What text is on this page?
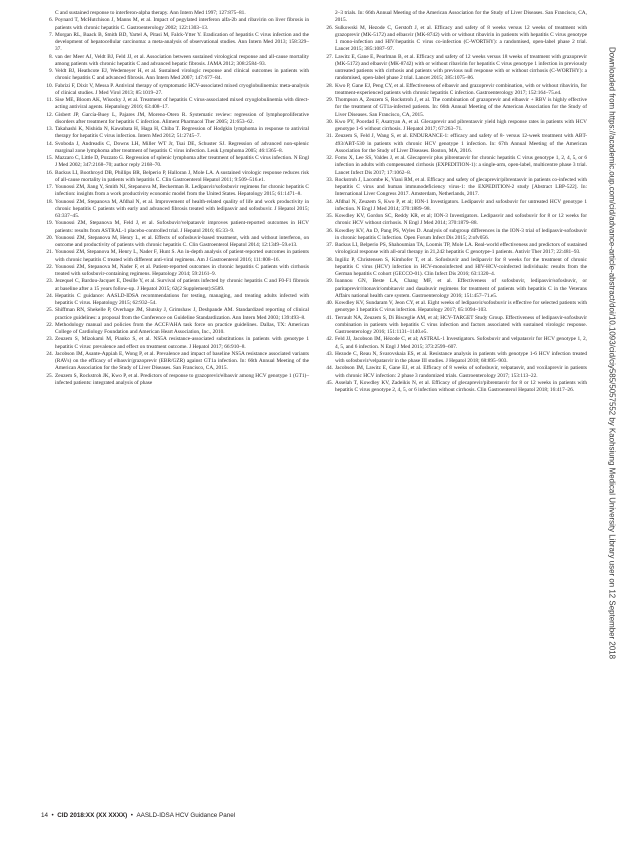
C and sustained response to interferon-alpha therapy. Ann Intern Med 1997; 127:875–81.
6. Poynard T, McHutchison J, Manns M, et al. Impact of pegylated interferon alfa-2b and ribavirin on liver fibrosis in patients with chronic hepatitis C. Gastroenterology 2002; 122:1303–13.
7. Morgan RL, Baack B, Smith BD, Yartel A, Pitasi M, Falck-Ytter Y. Eradication of hepatitis C virus infection and the development of hepatocellular carcinoma: a meta-analysis of observational studies. Ann Intern Med 2013; 158:329–37.
8. van der Meer AJ, Veldt BJ, Feld JJ, et al. Association between sustained virological response and all-cause mortality among patients with chronic hepatitis C and advanced hepatic fibrosis. JAMA 2012; 308:2584–93.
9. Veldt BJ, Heathcote EJ, Wedemeyer H, et al. Sustained virologic response and clinical outcomes in patients with chronic hepatitis C and advanced fibrosis. Ann Intern Med 2007; 147:677–84.
10. Fabrizi F, Dixit V, Messa P. Antiviral therapy of symptomatic HCV-associated mixed cryoglobulinemia: meta-analysis of clinical studies. J Med Virol 2013; 85:1019–27.
11. Sise ME, Bloom AK, Wisocky J, et al. Treatment of hepatitis C virus-associated mixed cryoglobulinemia with direct-acting antiviral agents. Hepatology 2016; 63:408–17.
12. Gisbert JP, García-Buey L, Pajares JM, Moreno-Otero R. Systematic review: regression of lymphoproliferative disorders after treatment for hepatitis C infection. Aliment Pharmacol Ther 2005; 21:653–62.
13. Takahashi K, Nishida N, Kawabata H, Haga H, Chiba T. Regression of Hodgkin lymphoma in response to antiviral therapy for hepatitis C virus infection. Intern Med 2012; 51:2745–7.
14. Svoboda J, Andreadis C, Downs LH, Miller WT Jr, Tsai DE, Schuster SJ. Regression of advanced non-splenic marginal zone lymphoma after treatment of hepatitis C virus infection. Leuk Lymphoma 2005; 46:1365–8.
15. Mazzaro C, Little D, Pozzato G. Regression of splenic lymphoma after treatment of hepatitis C virus infection. N Engl J Med 2002; 347:2168–70; author reply 2168–70.
16. Backus LI, Boothroyd DB, Phillips BR, Belperio P, Halloran J, Mole LA. A sustained virologic response reduces risk of all-cause mortality in patients with hepatitis C. Clin Gastroenterol Hepatol 2011; 9:509–516.e1.
17. Younossi ZM, Jiang Y, Smith NJ, Stepanova M, Beckerman R. Ledipasvir/sofosbuvir regimens for chronic hepatitis C infection: insights from a work productivity economic model from the United States. Hepatology 2015; 61:1471–8.
18. Younossi ZM, Stepanova M, Afdhal N, et al. Improvement of health-related quality of life and work productivity in chronic hepatitis C patients with early and advanced fibrosis treated with ledipasvir and sofosbuvir. J Hepatol 2015; 63:337–45.
19. Younossi ZM, Stepanova M, Feld J, et al. Sofosbuvir/velpatasvir improves patient-reported outcomes in HCV patients: results from ASTRAL-1 placebo-controlled trial. J Hepatol 2016; 65:33–9.
20. Younossi ZM, Stepanova M, Henry L, et al. Effects of sofosbuvir-based treatment, with and without interferon, on outcome and productivity of patients with chronic hepatitis C. Clin Gastroenterol Hepatol 2014; 12:1349–59.e13.
21. Younossi ZM, Stepanova M, Henry L, Nader F, Hunt S. An in-depth analysis of patient-reported outcomes in patients with chronic hepatitis C treated with different anti-viral regimens. Am J Gastroenterol 2016; 111:808–16.
22. Younossi ZM, Stepanova M, Nader F, et al. Patient-reported outcomes in chronic hepatitis C patients with cirrhosis treated with sofosbuvir-containing regimens. Hepatology 2014; 59:2161–9.
23. Jezequel C, Bardou-Jacquet E, Desille Y, et al. Survival of patients infected by chronic hepatitis C and F0-F1 fibrosis at baseline after a 15 years follow-up. J Hepatol 2015; 62(2 Supplement):S589.
24. Hepatitis C guidance: AASLD-IDSA recommendations for testing, managing, and treating adults infected with hepatitis C virus. Hepatology 2015; 62:932–54.
25. Shiffman RN, Shekelle P, Overhage JM, Slutsky J, Grimshaw J, Deshpande AM. Standardized reporting of clinical practice guidelines: a proposal from the Conference on Guideline Standardization. Ann Intern Med 2003; 139:493–8.
22. Methodology manual and policies from the ACCF/AHA task force on practice guidelines. Dallas, TX: American College of Cardiology Foundation and American Heart Association, Inc., 2010.
23. Zeuzem S, Mizokami M, Pianko S, et al. NS5A resistance-associated substitutions in patients with genotype 1 hepatitis C virus: prevalence and effect on treatment outcome. J Hepatol 2017; 66:910–8.
24. Jacobson IM, Asante-Appiah E, Wong P, et al. Prevalence and impact of baseline NS5A resistance associated variants (RAVs) on the efficacy of elbasvir/grazoprevir (EBR/GZR) against GT1a infection. In: 66th Annual Meeting of the American Association for the Study of Liver Diseases. San Francisco, CA, 2015.
25. Zeuzem S, Rockstroh JK, Kwo P, et al. Predictors of response to grazoprevir/elbasvir among HCV genotype 1 (GT1)–infected patients: integrated analysis of phase
2–3 trials. In: 66th Annual Meeting of the American Association for the Study of Liver Diseases. San Francisco, CA, 2015.
26. Sulkowski M, Hezode C, Gerstoft J, et al. Efficacy and safety of 8 weeks versus 12 weeks of treatment with grazoprevir (MK-5172) and elbasvir (MK-8742) with or without ribavirin in patients with hepatitis C virus genotype 1 mono-infection and HIV/hepatitis C virus co-infection (C-WORTHY): a randomised, open-label phase 2 trial. Lancet 2015; 385:1087–97.
27. Lawitz E, Gane E, Pearlman B, et al. Efficacy and safety of 12 weeks versus 18 weeks of treatment with grazoprevir (MK-5172) and elbasvir (MK-8742) with or without ribavirin for hepatitis C virus genotype 1 infection in previously untreated patients with cirrhosis and patients with previous null response with or without cirrhosis (C-WORTHY): a randomised, open-label phase 2 trial. Lancet 2015; 385:1075–86.
28. Kwo P, Gane EJ, Peng CY, et al. Effectiveness of elbasvir and grazoprevir combination, with or without ribavirin, for treatment-experienced patients with chronic hepatitis C infection. Gastroenterology 2017; 152:164–75.e4.
29. Thompson A, Zeuzem S, Rockstroh J, et al. The combination of grazoprevir and elbasvir + RBV is highly effective for the treatment of GT1a-infected patients. In: 66th Annual Meeting of the American Association for the Study of Liver Diseases. San Francisco, CA, 2015.
30. Kwo PY, Poordad F, Asatryan A, et al. Glecaprevir and pibrentasvir yield high response rates in patients with HCV genotype 1-6 without cirrhosis. J Hepatol 2017; 67:263–71.
31. Zeuzem S, Feld J, Wang S, et al. ENDURANCE-1: efficacy and safety of 8- versus 12-week treatment with ABT-493/ABT-530 in patients with chronic HCV genotype 1 infection. In: 67th Annual Meeting of the American Association for the Study of Liver Diseases. Boston, MA, 2016.
32. Forns X, Lee SS, Valdes J, et al. Glecaprevir plus pibrentasvir for chronic hepatitis C virus genotype 1, 2, 4, 5, or 6 infection in adults with compensated cirrhosis (EXPEDITION-1): a single-arm, open-label, multicentre phase 3 trial. Lancet Infect Dis 2017; 17:1062–8.
33. Rockstroh J, Lacombe K, Viani RM, et al. Efficacy and safety of glecaprevir/pibrentasvir in patients co-infected with hepatitis C virus and human immunodeficiency virus-1: the EXPEDITION-2 study [Abstract LBP-522]. In: International Liver Congress 2017. Amsterdam, Netherlands, 2017.
34. Afdhal N, Zeuzem S, Kwo P, et al; ION-1 Investigators. Ledipasvir and sofosbuvir for untreated HCV genotype 1 infection. N Engl J Med 2014; 370:1889–98.
35. Kowdley KV, Gordon SC, Reddy KR, et al; ION-3 Investigators. Ledipasvir and sofosbuvir for 8 or 12 weeks for chronic HCV without cirrhosis. N Engl J Med 2014; 370:1879–88.
36. Kowdley KV, An D, Pang PS, Wyles D. Analysis of subgroup differences in the ION-3 trial of ledipasvir-sofosbuvir in chronic hepatitis C infection. Open Forum Infect Dis 2015; 2:ofv056.
37. Backus LI, Belperio PS, Shahoumian TA, Loomis TP, Mole LA. Real-world effectiveness and predictors of sustained virological response with all-oral therapy in 21,242 hepatitis C genotype-1 patients. Antivir Ther 2017; 22:481–93.
38. Ingiliz P, Christensen S, Kimhofer T, et al. Sofosbuvir and ledipasvir for 8 weeks for the treatment of chronic hepatitis C virus (HCV) infection in HCV-monoinfected and HIV-HCV-coinfected individuals: results from the German hepatitis C cohort (GECCO-01). Clin Infect Dis 2016; 63:1320–4.
39. Ioannou GN, Beste LA, Chang MF, et al. Effectiveness of sofosbuvir, ledipasvir/sofosbuvir, or paritaprevir/ritonavir/ombitasvir and dasabuvir regimens for treatment of patients with hepatitis C in the Veterans Affairs national health care system. Gastroenterology 2016; 151:457–71.e5.
40. Kowdley KV, Sundaram V, Jeon CY, et al. Eight weeks of ledipasvir/sofosbuvir is effective for selected patients with genotype 1 hepatitis C virus infection. Hepatology 2017; 65:1094–103.
41. Terrault NA, Zeuzem S, Di Bisceglie AM, et al; HCV-TARGET Study Group. Effectiveness of ledipasvir-sofosbuvir combination in patients with hepatitis C virus infection and factors associated with sustained virologic response. Gastroenterology 2016; 151:1131–1140.e5.
42. Feld JJ, Jacobson IM, Hézode C, et al; ASTRAL-1 Investigators. Sofosbuvir and velpatasvir for HCV genotype 1, 2, 4, 5, and 6 infection. N Engl J Med 2015; 373:2599–607.
43. Hezode C, Reau N, Svarovskaia ES, et al. Resistance analysis in patients with genotype 1-6 HCV infection treated with sofosbuvir/velpatasvir in the phase III studies. J Hepatol 2018; 68:895–903.
44. Jacobson IM, Lawitz E, Gane EJ, et al. Efficacy of 8 weeks of sofosbuvir, velpatasvir, and voxilaprevir in patients with chronic HCV infection: 2 phase 3 randomized trials. Gastroenterology 2017; 153:113–22.
45. Asselah T, Kowdley KV, Zadeikis N, et al. Efficacy of glecaprevir/pibrentasvir for 8 or 12 weeks in patients with hepatitis C virus genotype 2, 4, 5, or 6 infection without cirrhosis. Clin Gastroenterol Hepatol 2018; 16:417–26.	Downloaded from https://academic.oup.com/cid/advance-article-abstract/doi/10.1093/cid/ciy585/5057552 by Kaohsiung Medical University Library user on 12 September 2018
14 • CID 2018:XX (XX XXXX) • AASLD-IDSA HCV Guidance Panel
